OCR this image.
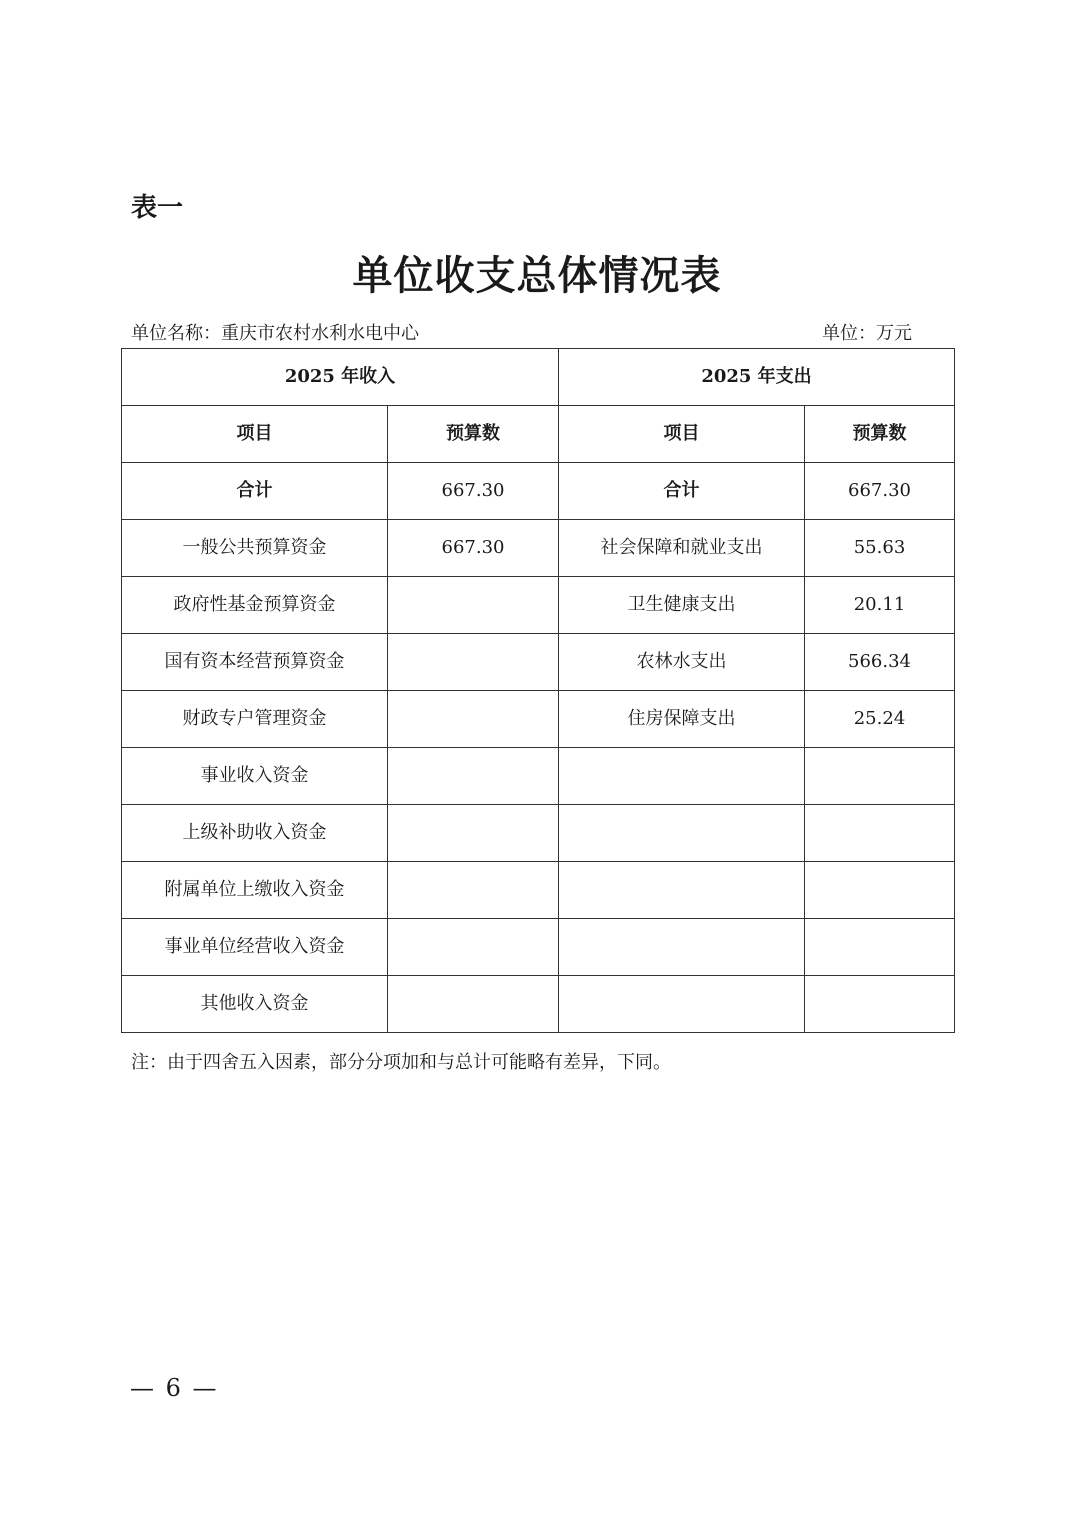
表一
单位收支总体情况表
单位名称：重庆市农村水利水电中心	单位：万元
2025 年收入		2025 年支出	
项目	预算数	项目	预算数
合计	667.30	合计	667.30
一般公共预算资金	667.30	社会保障和就业支出	55.63
政府性基金预算资金		卫生健康支出	20.11
国有资本经营预算资金		农林水支出	566.34
财政专户管理资金		住房保障支出	25.24
事业收入资金			
上级补助收入资金			
附属单位上缴收入资金			
事业单位经营收入资金			
其他收入资金			
注：由于四舍五入因素，部分分项加和与总计可能略有差异，下同。
— 6 —
